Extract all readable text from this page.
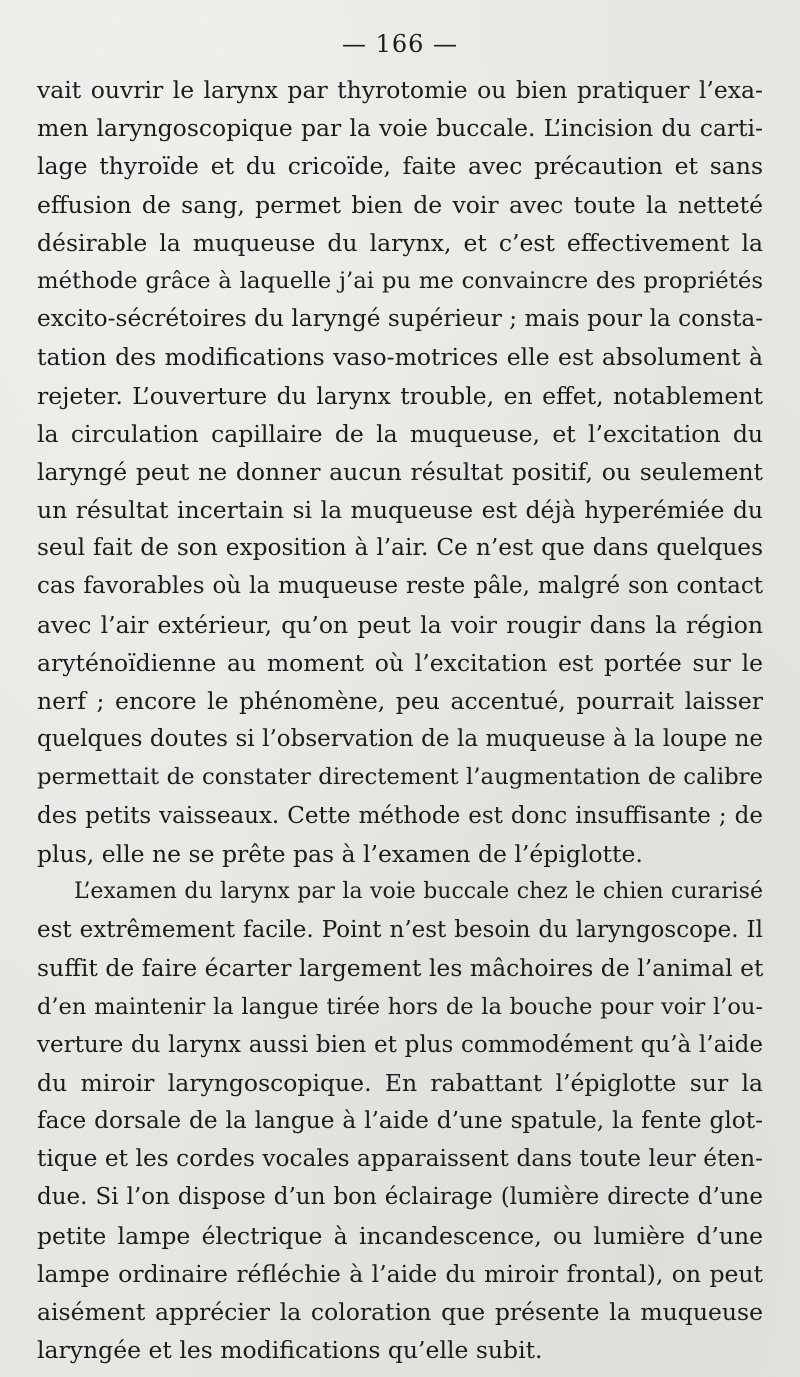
— 166 —
vait ouvrir le larynx par thyrotomie ou bien pratiquer l’exa-
men laryngoscopique par la voie buccale. L’incision du carti-
lage thyroïde et du cricoïde, faite avec précaution et sans
effusion de sang, permet bien de voir avec toute la netteté
désirable la muqueuse du larynx, et c’est effectivement la
méthode grâce à laquelle j’ai pu me convaincre des propriétés
excito-sécrétoires du laryngé supérieur ; mais pour la consta-
tation des modifications vaso-motrices elle est absolument à
rejeter. L’ouverture du larynx trouble, en effet, notablement
la circulation capillaire de la muqueuse, et l’excitation du
laryngé peut ne donner aucun résultat positif, ou seulement
un résultat incertain si la muqueuse est déjà hyperémiée du
seul fait de son exposition à l’air. Ce n’est que dans quelques
cas favorables où la muqueuse reste pâle, malgré son contact
avec l’air extérieur, qu’on peut la voir rougir dans la région
aryténoïdienne au moment où l’excitation est portée sur le
nerf ; encore le phénomène, peu accentué, pourrait laisser
quelques doutes si l’observation de la muqueuse à la loupe ne
permettait de constater directement l’augmentation de calibre
des petits vaisseaux. Cette méthode est donc insuffisante ; de
plus, elle ne se prête pas à l’examen de l’épiglotte.
L’examen du larynx par la voie buccale chez le chien curarisé
est extrêmement facile. Point n’est besoin du laryngoscope. Il
suffit de faire écarter largement les mâchoires de l’animal et
d’en maintenir la langue tirée hors de la bouche pour voir l’ou-
verture du larynx aussi bien et plus commodément qu’à l’aide
du miroir laryngoscopique. En rabattant l’épiglotte sur la
face dorsale de la langue à l’aide d’une spatule, la fente glot-
tique et les cordes vocales apparaissent dans toute leur éten-
due. Si l’on dispose d’un bon éclairage (lumière directe d’une
petite lampe électrique à incandescence, ou lumière d’une
lampe ordinaire réfléchie à l’aide du miroir frontal), on peut
aisément apprécier la coloration que présente la muqueuse
laryngée et les modifications qu’elle subit.
